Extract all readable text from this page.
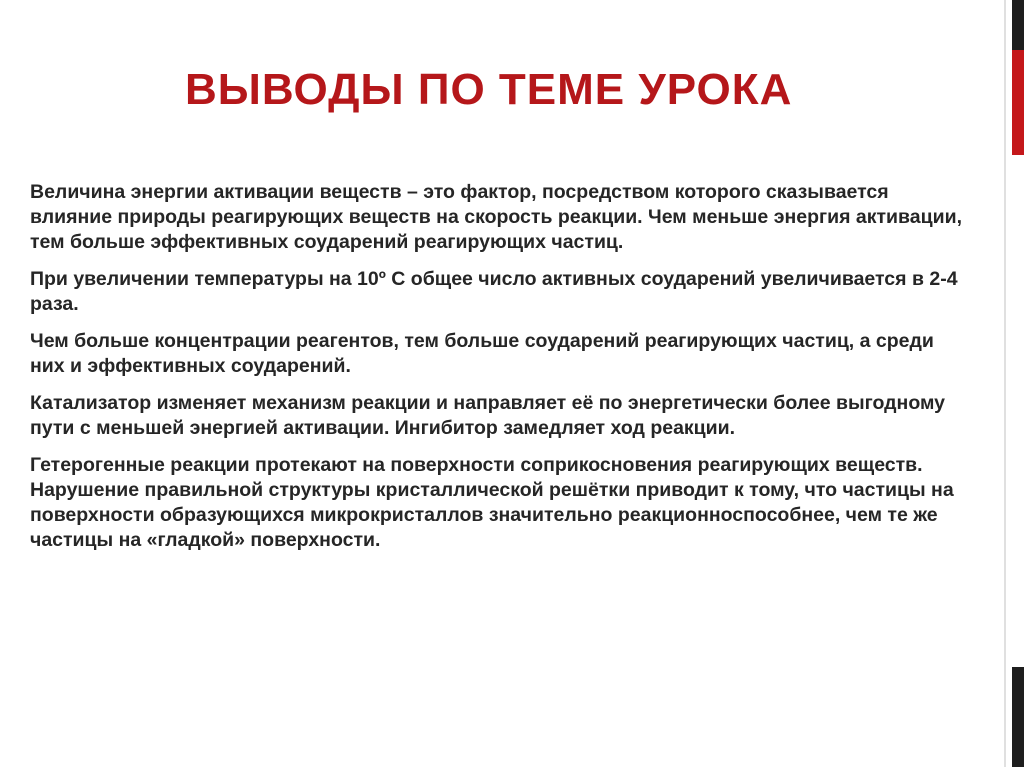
ВЫВОДЫ ПО ТЕМЕ УРОКА

Величина энергии активации веществ – это фактор, посредством которого сказывается влияние природы реагирующих веществ на скорость реакции. Чем меньше энергия активации, тем больше эффективных соударений реагирующих частиц.

При увеличении температуры на 10º С общее число активных соударений увеличивается в 2-4 раза.

Чем больше концентрации реагентов, тем больше соударений реагирующих частиц, а среди них и эффективных соударений.

Катализатор изменяет механизм реакции и направляет её по энергетически более выгодному пути с меньшей энергией активации. Ингибитор замедляет ход реакции.

Гетерогенные реакции протекают на поверхности соприкосновения реагирующих веществ. Нарушение правильной структуры кристаллической решётки приводит к тому, что частицы на поверхности образующихся микрокристаллов значительно реакционноспособнее, чем те же частицы на «гладкой» поверхности.
